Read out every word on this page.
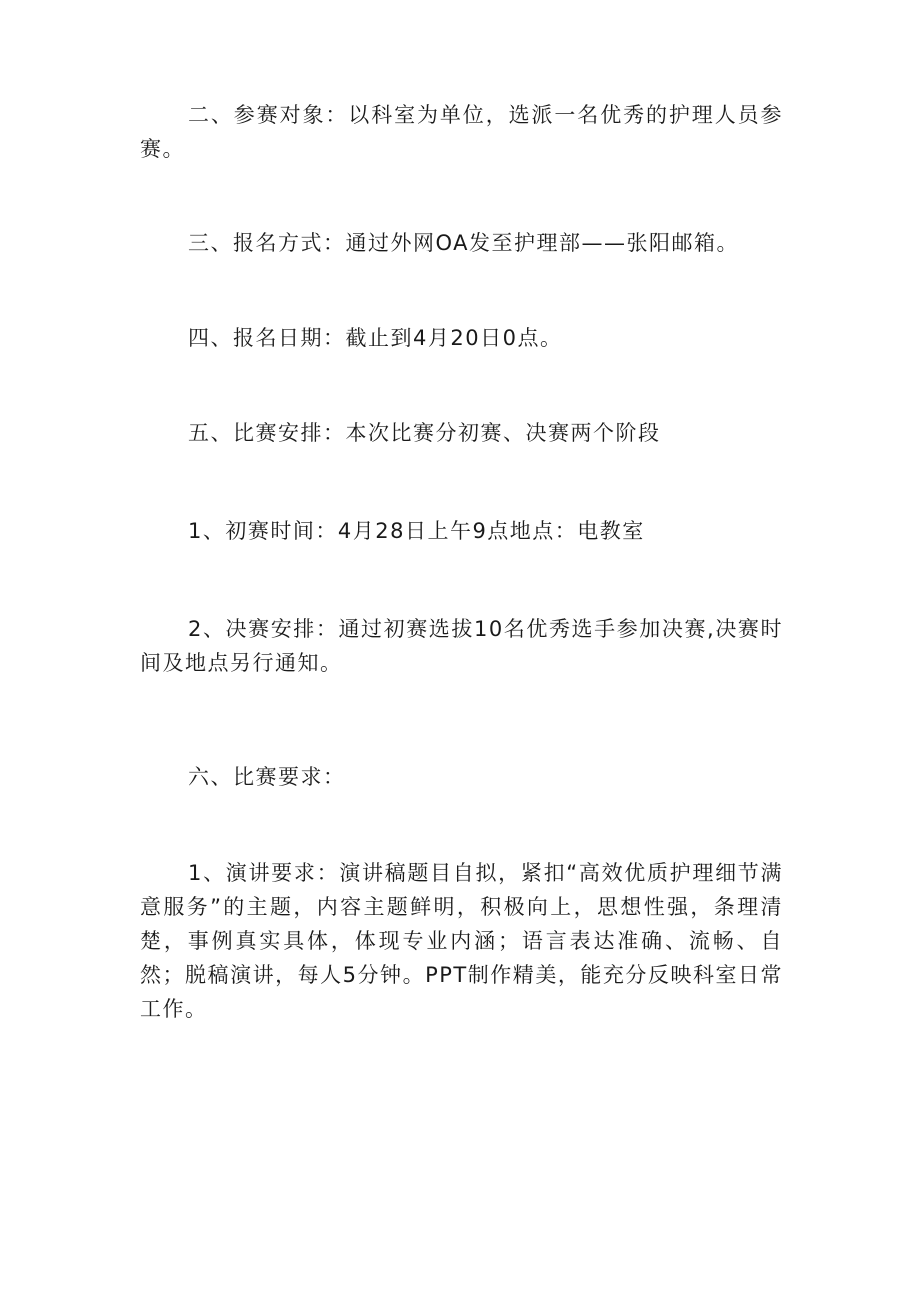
二、参赛对象：以科室为单位，选派一名优秀的护理人员参赛。

三、报名方式：通过外网OA发至护理部——张阳邮箱。

四、报名日期：截止到4月20日0点。

五、比赛安排：本次比赛分初赛、决赛两个阶段

1、初赛时间：4月28日上午9点地点：电教室

2、决赛安排：通过初赛选拔10名优秀选手参加决赛,决赛时间及地点另行通知。

六、比赛要求：

1、演讲要求：演讲稿题目自拟，紧扣“高效优质护理细节满意服务”的主题，内容主题鲜明，积极向上，思想性强，条理清楚，事例真实具体，体现专业内涵；语言表达准确、流畅、自然；脱稿演讲，每人5分钟。PPT制作精美，能充分反映科室日常工作。
